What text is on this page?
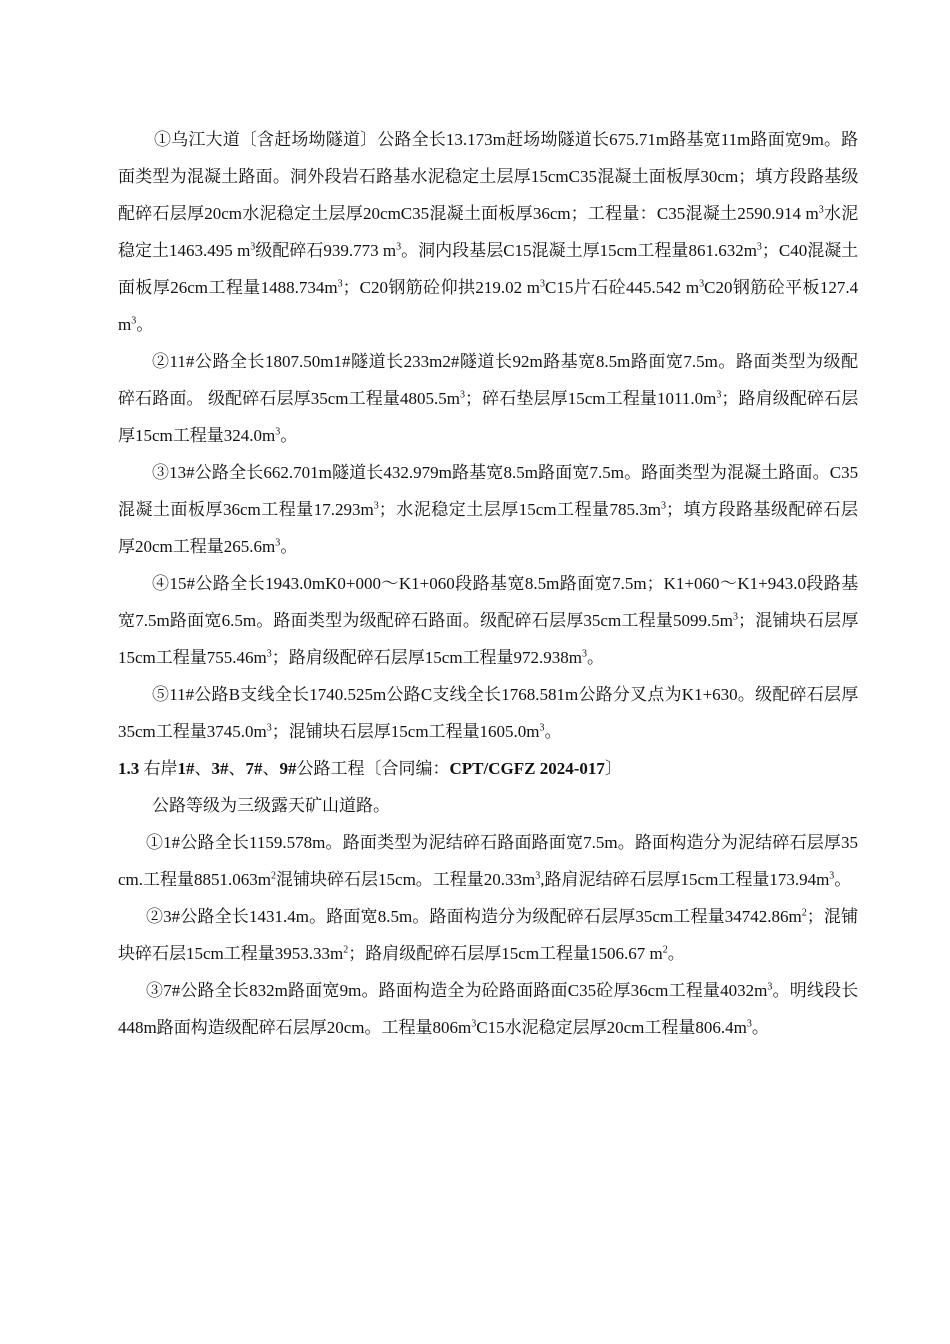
①乌江大道〔含赶场坳隧道〕公路全长13.173m赶场坳隧道长675.71m路基宽11m路面宽9m。路面类型为混凝土路面。洞外段岩石路基水泥稳定土层厚15cmC35混凝土面板厚30cm；填方段路基级配碎石层厚20cm水泥稳定土层厚20cmC35混凝土面板厚36cm；工程量：C35混凝土2590.914 $m^3$水泥稳定土1463.495 $m^3$级配碎石939.773 $m^3$。洞内段基层C15混凝土厚15cm工程量$861.632m^3$；C40混凝土面板厚26cm工程量$1488.734m^3$；C20钢筋砼仰拱219.02 $m^3C15$片石砼445.542 $m^3C20$钢筋砼平板127.4 $m^3$。

②11#公路全长1807.50m1#隧道长233m2#隧道长92m路基宽8.5m路面宽7.5m。路面类型为级配碎石路面。 级配碎石层厚35cm工程量$4805.5m^3$；碎石垫层厚15cm工程量$1011.0m^3$；路肩级配碎石层厚15cm工程量$324.0m^3$。

③13#公路全长662.701m隧道长432.979m路基宽8.5m路面宽7.5m。路面类型为混凝土路面。C35混凝土面板厚36cm工程量$17.293m^3$；水泥稳定土层厚15cm工程量$785.3m^3$；填方段路基级配碎石层厚20cm工程量$265.6m^3$。

④15#公路全长1943.0mK0+000～K1+060段路基宽8.5m路面宽7.5m；K1+060～K1+943.0段路基宽7.5m路面宽6.5m。路面类型为级配碎石路面。级配碎石层厚35cm工程量$5099.5m^3$；混铺块石层厚15cm工程量$755.46m^3$；路肩级配碎石层厚15cm工程量$972.938m^3$。

⑤11#公路B支线全长1740.525m公路C支线全长1768.581m公路分叉点为K1+630。级配碎石层厚35cm工程量$3745.0m^3$；混铺块石层厚15cm工程量$1605.0m^3$。

1.3 右岸1#、3#、7#、9#公路工程〔合同编：CPT/CGFZ 2024-017〕

公路等级为三级露天矿山道路。

①1#公路全长1159.578m。路面类型为泥结碎石路面路面宽7.5m。路面构造分为泥结碎石层厚35cm.工程量$8851.063m^2$混铺块碎石层15cm。工程量$20.33m^3$,路肩泥结碎石层厚15cm工程量$173.94m^3$。

②3#公路全长1431.4m。路面宽8.5m。路面构造分为级配碎石层厚35cm工程量$34742.86m^2$；混铺块碎石层15cm工程量$3953.33m^2$；路肩级配碎石层厚15cm工程量1506.67 $m^2$。

③7#公路全长832m路面宽9m。路面构造全为砼路面路面C35砼厚36cm工程量$4032m^3$。明线段长448m路面构造级配碎石层厚20cm。工程量$806m^3C15$水泥稳定层厚20cm工程量$806.4m^3$。
